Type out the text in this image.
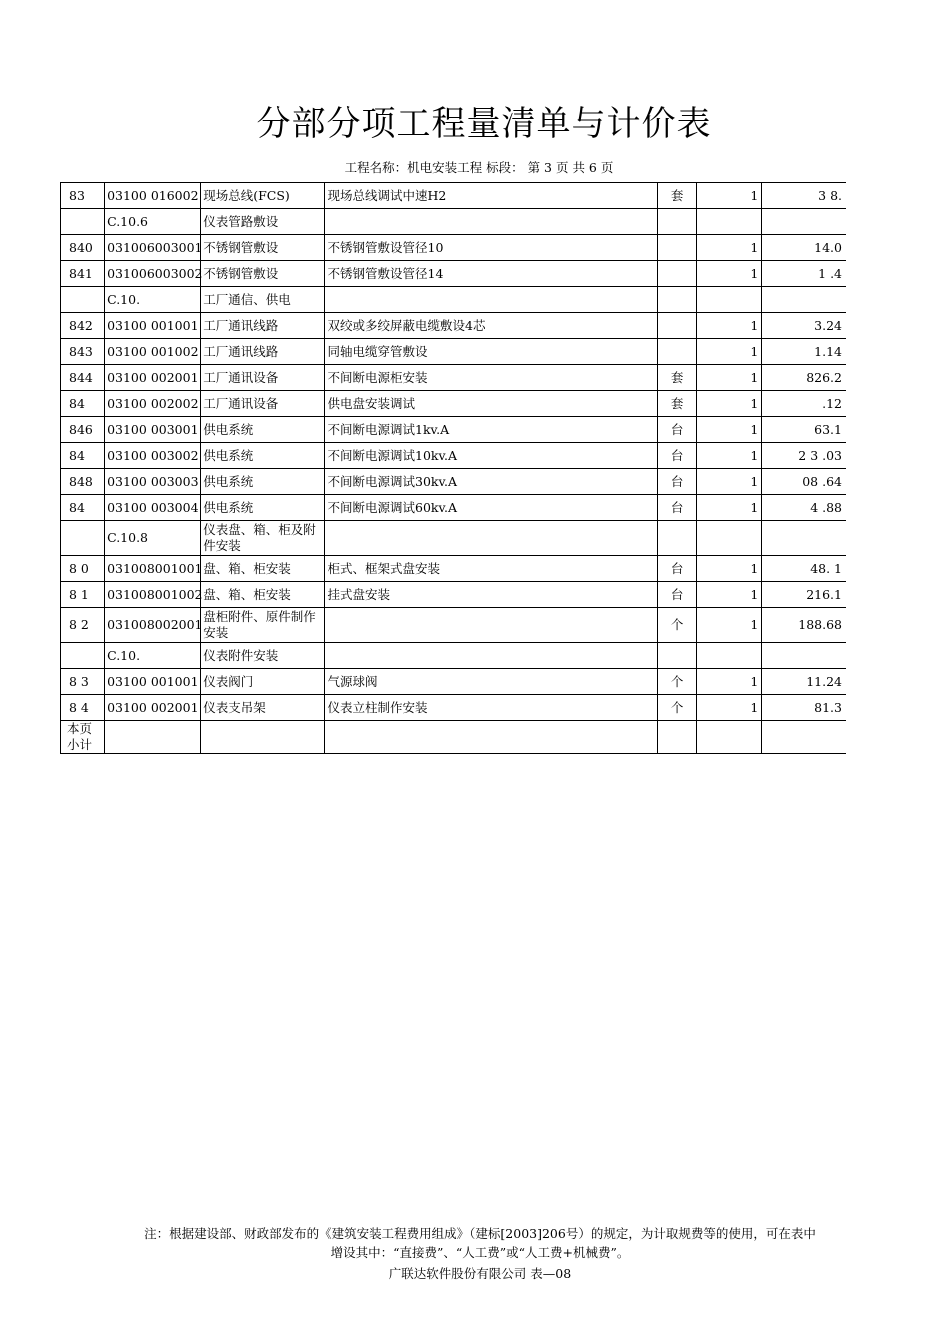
分部分项工程量清单与计价表
工程名称：机电安装工程 标段： 第 3 页 共 6 页
83	03100 016002	现场总线(FCS)	现场总线调试中速H2	套	1	3 8.
	C.10.6	仪表管路敷设				
840	031006003001	不锈钢管敷设	不锈钢管敷设管径10		1	14.0
841	031006003002	不锈钢管敷设	不锈钢管敷设管径14		1	1 .4
	C.10.	工厂通信、供电				
842	03100 001001	工厂通讯线路	双绞或多绞屏蔽电缆敷设4芯		1	3.24
843	03100 001002	工厂通讯线路	同轴电缆穿管敷设		1	1.14
844	03100 002001	工厂通讯设备	不间断电源柜安装	套	1	826.2
84	03100 002002	工厂通讯设备	供电盘安装调试	套	1	.12
846	03100 003001	供电系统	不间断电源调试1kv.A	台	1	63.1
84	03100 003002	供电系统	不间断电源调试10kv.A	台	1	2 3 .03
848	03100 003003	供电系统	不间断电源调试30kv.A	台	1	08 .64
84	03100 003004	供电系统	不间断电源调试60kv.A	台	1	4 .88
	C.10.8	仪表盘、箱、柜及附件安装				
8 0	031008001001	盘、箱、柜安装	柜式、框架式盘安装	台	1	48. 1
8 1	031008001002	盘、箱、柜安装	挂式盘安装	台	1	216.1
8 2	031008002001	盘柜附件、原件制作安装		个	1	188.68
	C.10.	仪表附件安装				
8 3	03100 001001	仪表阀门	气源球阀	个	1	11.24
8 4	03100 002001	仪表支吊架	仪表立柱制作安装	个	1	81.3
本页小计						
注：根据建设部、财政部发布的《建筑安装工程费用组成》（建标[2003]206号）的规定，为计取规费等的使用，可在表中
增设其中：“直接费”、“人工费”或“人工费+机械费”。
广联达软件股份有限公司 表—08
